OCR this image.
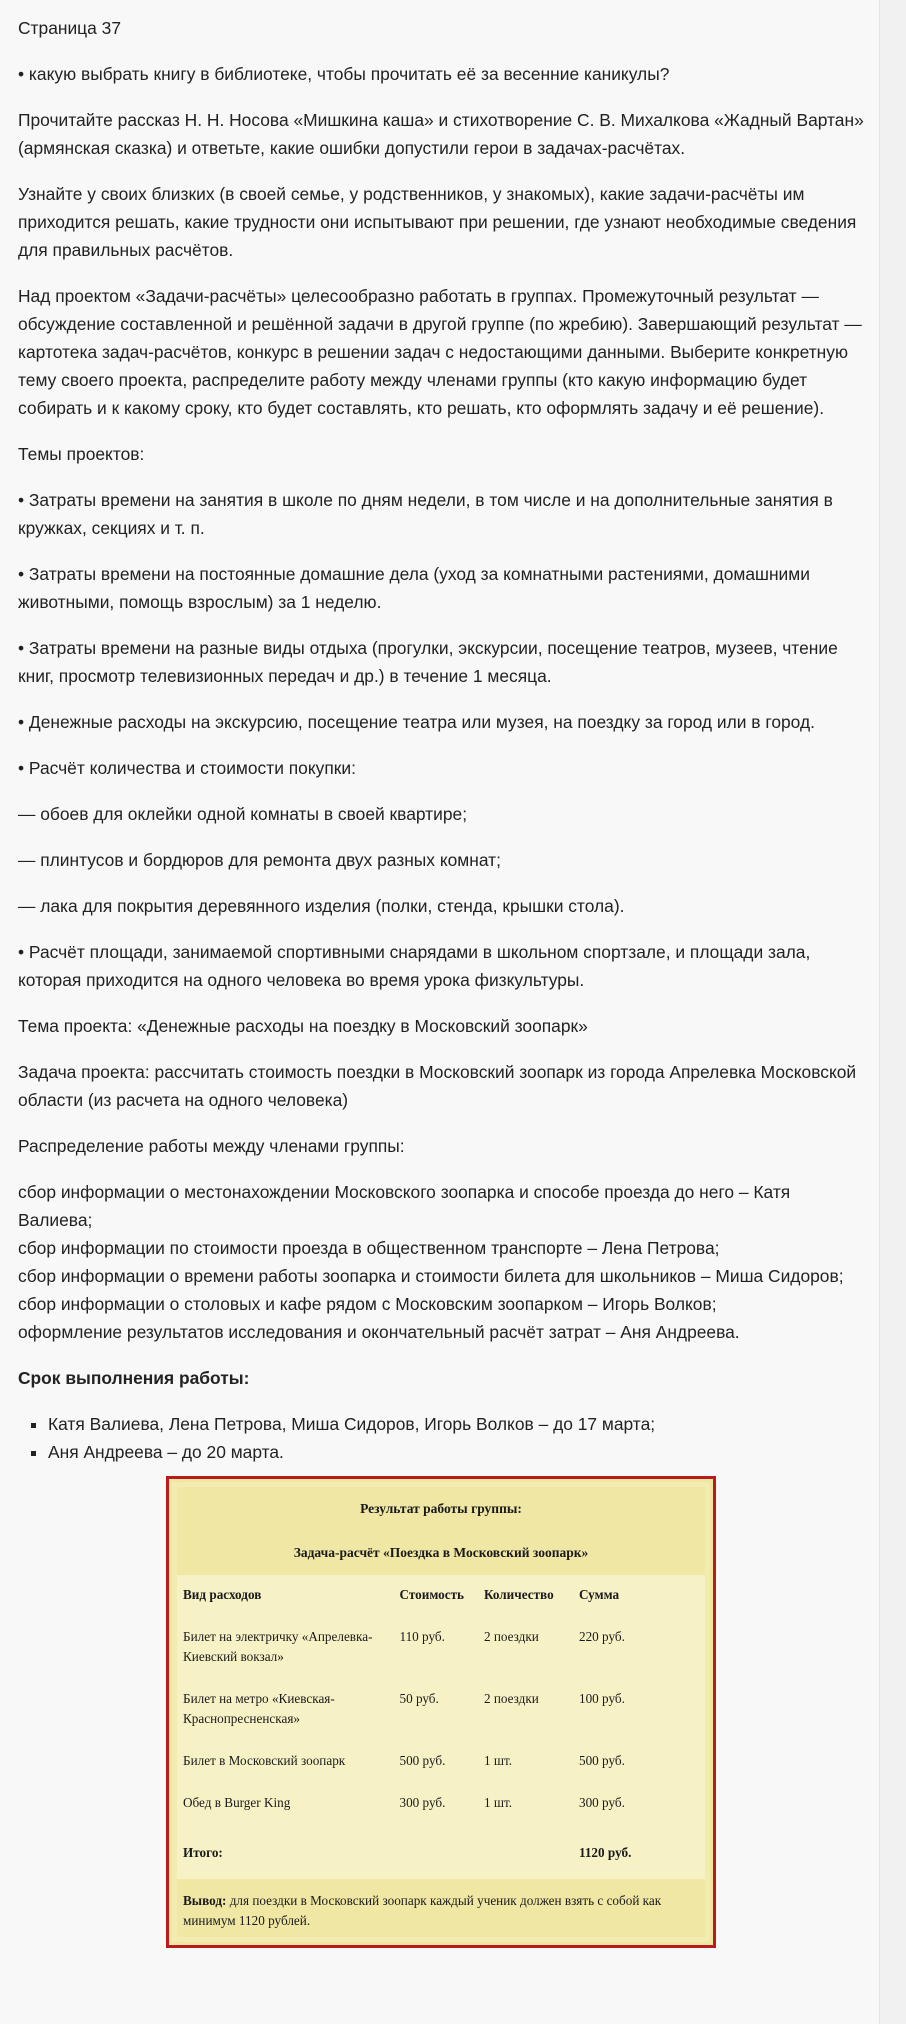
Страница 37

• какую выбрать книгу в библиотеке, чтобы прочитать её за весенние каникулы?

Прочитайте рассказ Н. Н. Носова «Мишкина каша» и стихотворение С. В. Михалкова «Жадный Вартан» (армянская сказка) и ответьте, какие ошибки допустили герои в задачах-расчётах.

Узнайте у своих близких (в своей семье, у родственников, у знакомых), какие задачи-расчёты им приходится решать, какие трудности они испытывают при решении, где узнают необходимые сведения для правильных расчётов.

Над проектом «Задачи-расчёты» целесообразно работать в группах. Промежуточный результат — обсуждение составленной и решённой задачи в другой группе (по жребию). Завершающий результат — картотека задач-расчётов, конкурс в решении задач с недостающими данными. Выберите конкретную тему своего проекта, распределите работу между членами группы (кто какую информацию будет собирать и к какому сроку, кто будет составлять, кто решать, кто оформлять задачу и её решение).

Темы проектов:

• Затраты времени на занятия в школе по дням недели, в том числе и на дополнительные занятия в кружках, секциях и т. п.

• Затраты времени на постоянные домашние дела (уход за комнатными растениями, домашними животными, помощь взрослым) за 1 неделю.

• Затраты времени на разные виды отдыха (прогулки, экскурсии, посещение театров, музеев, чтение книг, просмотр телевизионных передач и др.) в течение 1 месяца.

• Денежные расходы на экскурсию, посещение театра или музея, на поездку за город или в город.

• Расчёт количества и стоимости покупки:

— обоев для оклейки одной комнаты в своей квартире;

— плинтусов и бордюров для ремонта двух разных комнат;

— лака для покрытия деревянного изделия (полки, стенда, крышки стола).

• Расчёт площади, занимаемой спортивными снарядами в школьном спортзале, и площади зала, которая приходится на одного человека во время урока физкультуры.

Тема проекта: «Денежные расходы на поездку в Московский зоопарк»

Задача проекта: рассчитать стоимость поездки в Московский зоопарк из города Апрелевка Московской области (из расчета на одного человека)

Распределение работы между членами группы:

сбор информации о местонахождении Московского зоопарка и способе проезда до него – Катя Валиева;

сбор информации по стоимости проезда в общественном транспорте – Лена Петрова;

сбор информации о времени работы зоопарка и стоимости билета для школьников – Миша Сидоров;

сбор информации о столовых и кафе рядом с Московским зоопарком – Игорь Волков;

оформление результатов исследования и окончательный расчёт затрат – Аня Андреева.

Срок выполнения работы:

▪ Катя Валиева, Лена Петрова, Миша Сидоров, Игорь Волков – до 17 марта;
▪ Аня Андреева – до 20 марта.
Результат работы группы:
Задача-расчёт «Поездка в Московский зоопарк»
Вид расходов	Стоимость	Количество	Сумма
Билет на электричку «Апрелевка-Киевский вокзал»	110 руб.	2 поездки	220 руб.
Билет на метро «Киевская-Краснопресненская»	50 руб.	2 поездки	100 руб.
Билет в Московский зоопарк	500 руб.	1 шт.	500 руб.
Обед в Burger King	300 руб.	1 шт.	300 руб.
Итого:			1120 руб.
Вывод: для поездки в Московский зоопарк каждый ученик должен взять с собой как минимум 1120 рублей.
